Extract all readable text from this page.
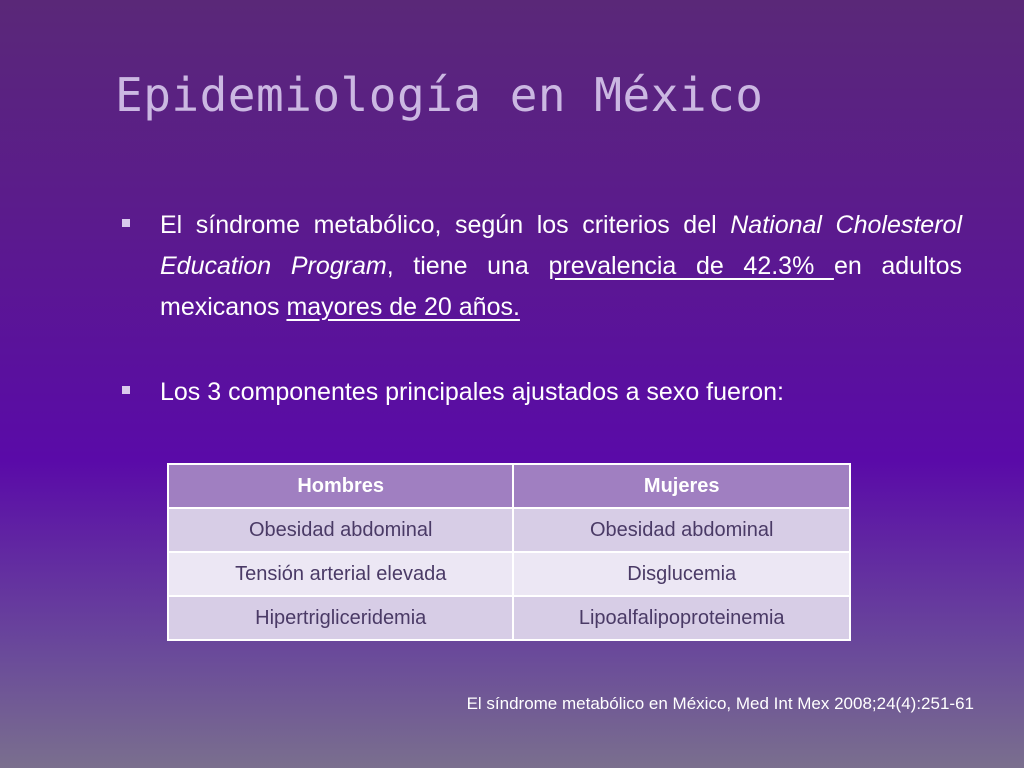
Epidemiología en México
El síndrome metabólico, según los criterios del National Cholesterol Education Program, tiene una prevalencia de 42.3% en adultos mexicanos mayores de 20 años.
Los 3 componentes principales ajustados a sexo fueron:
Hombres	Mujeres
Obesidad abdominal	Obesidad abdominal
Tensión arterial elevada	Disglucemia
Hipertrigliceridemia	Lipoalfalipoproteinemia
El síndrome metabólico en México, Med Int Mex 2008;24(4):251-61
